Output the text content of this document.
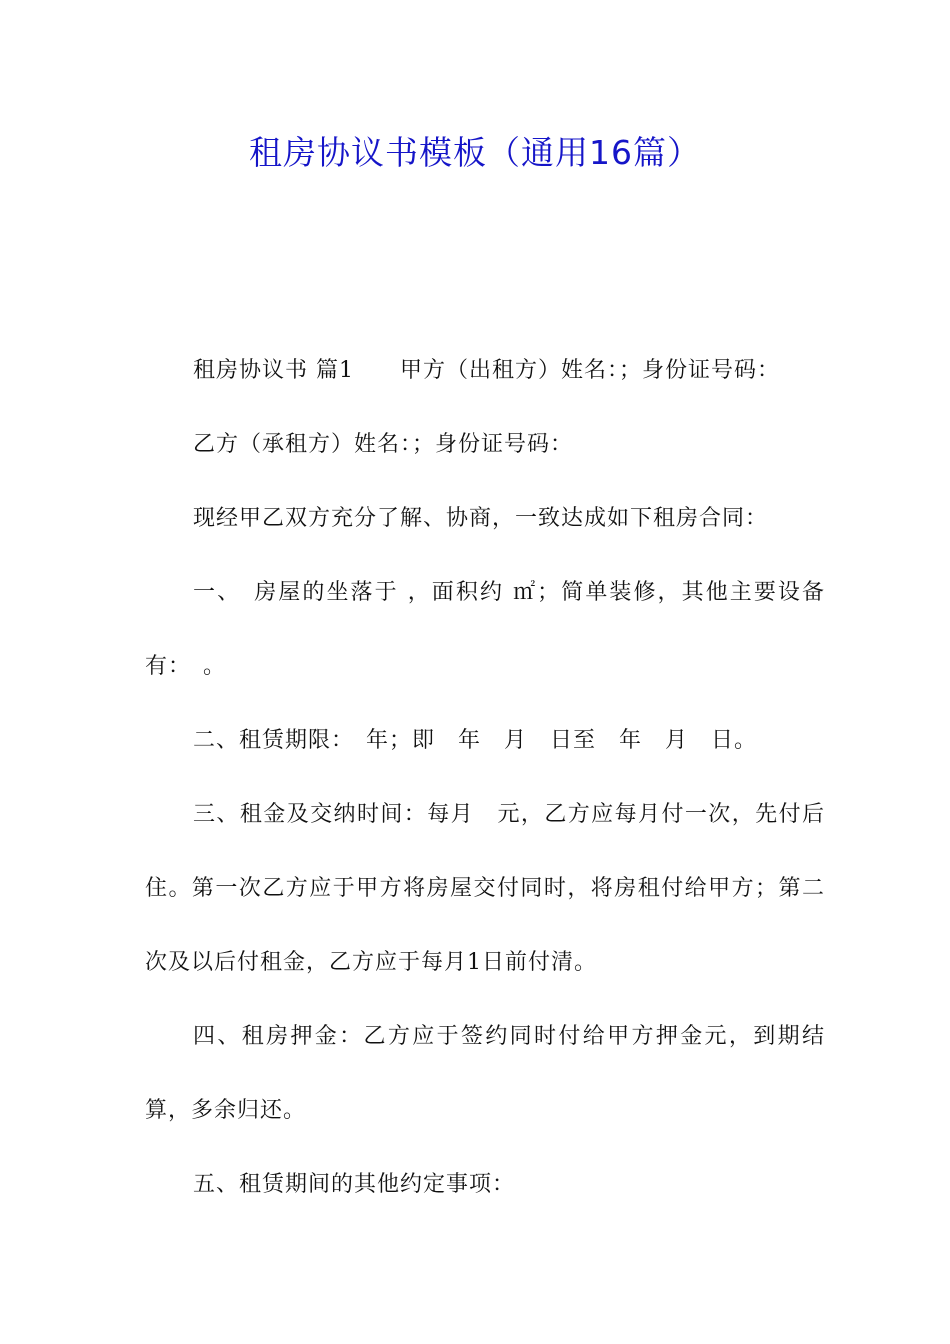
租房协议书模板（通用16篇）

租房协议书 篇1　　甲方（出租方）姓名：；身份证号码：

乙方（承租方）姓名：；身份证号码：

现经甲乙双方充分了解、协商，一致达成如下租房合同：

一、　房屋的坐落于 ，面积约 ㎡；简单装修，其他主要设备有：　。

二、租赁期限：　年；即　年　月　日至　年　月　日。

三、租金及交纳时间：每月　元，乙方应每月付一次，先付后住。第一次乙方应于甲方将房屋交付同时，将房租付给甲方；第二次及以后付租金，乙方应于每月1日前付清。

四、租房押金：乙方应于签约同时付给甲方押金元，到期结算，多余归还。

五、租赁期间的其他约定事项：
